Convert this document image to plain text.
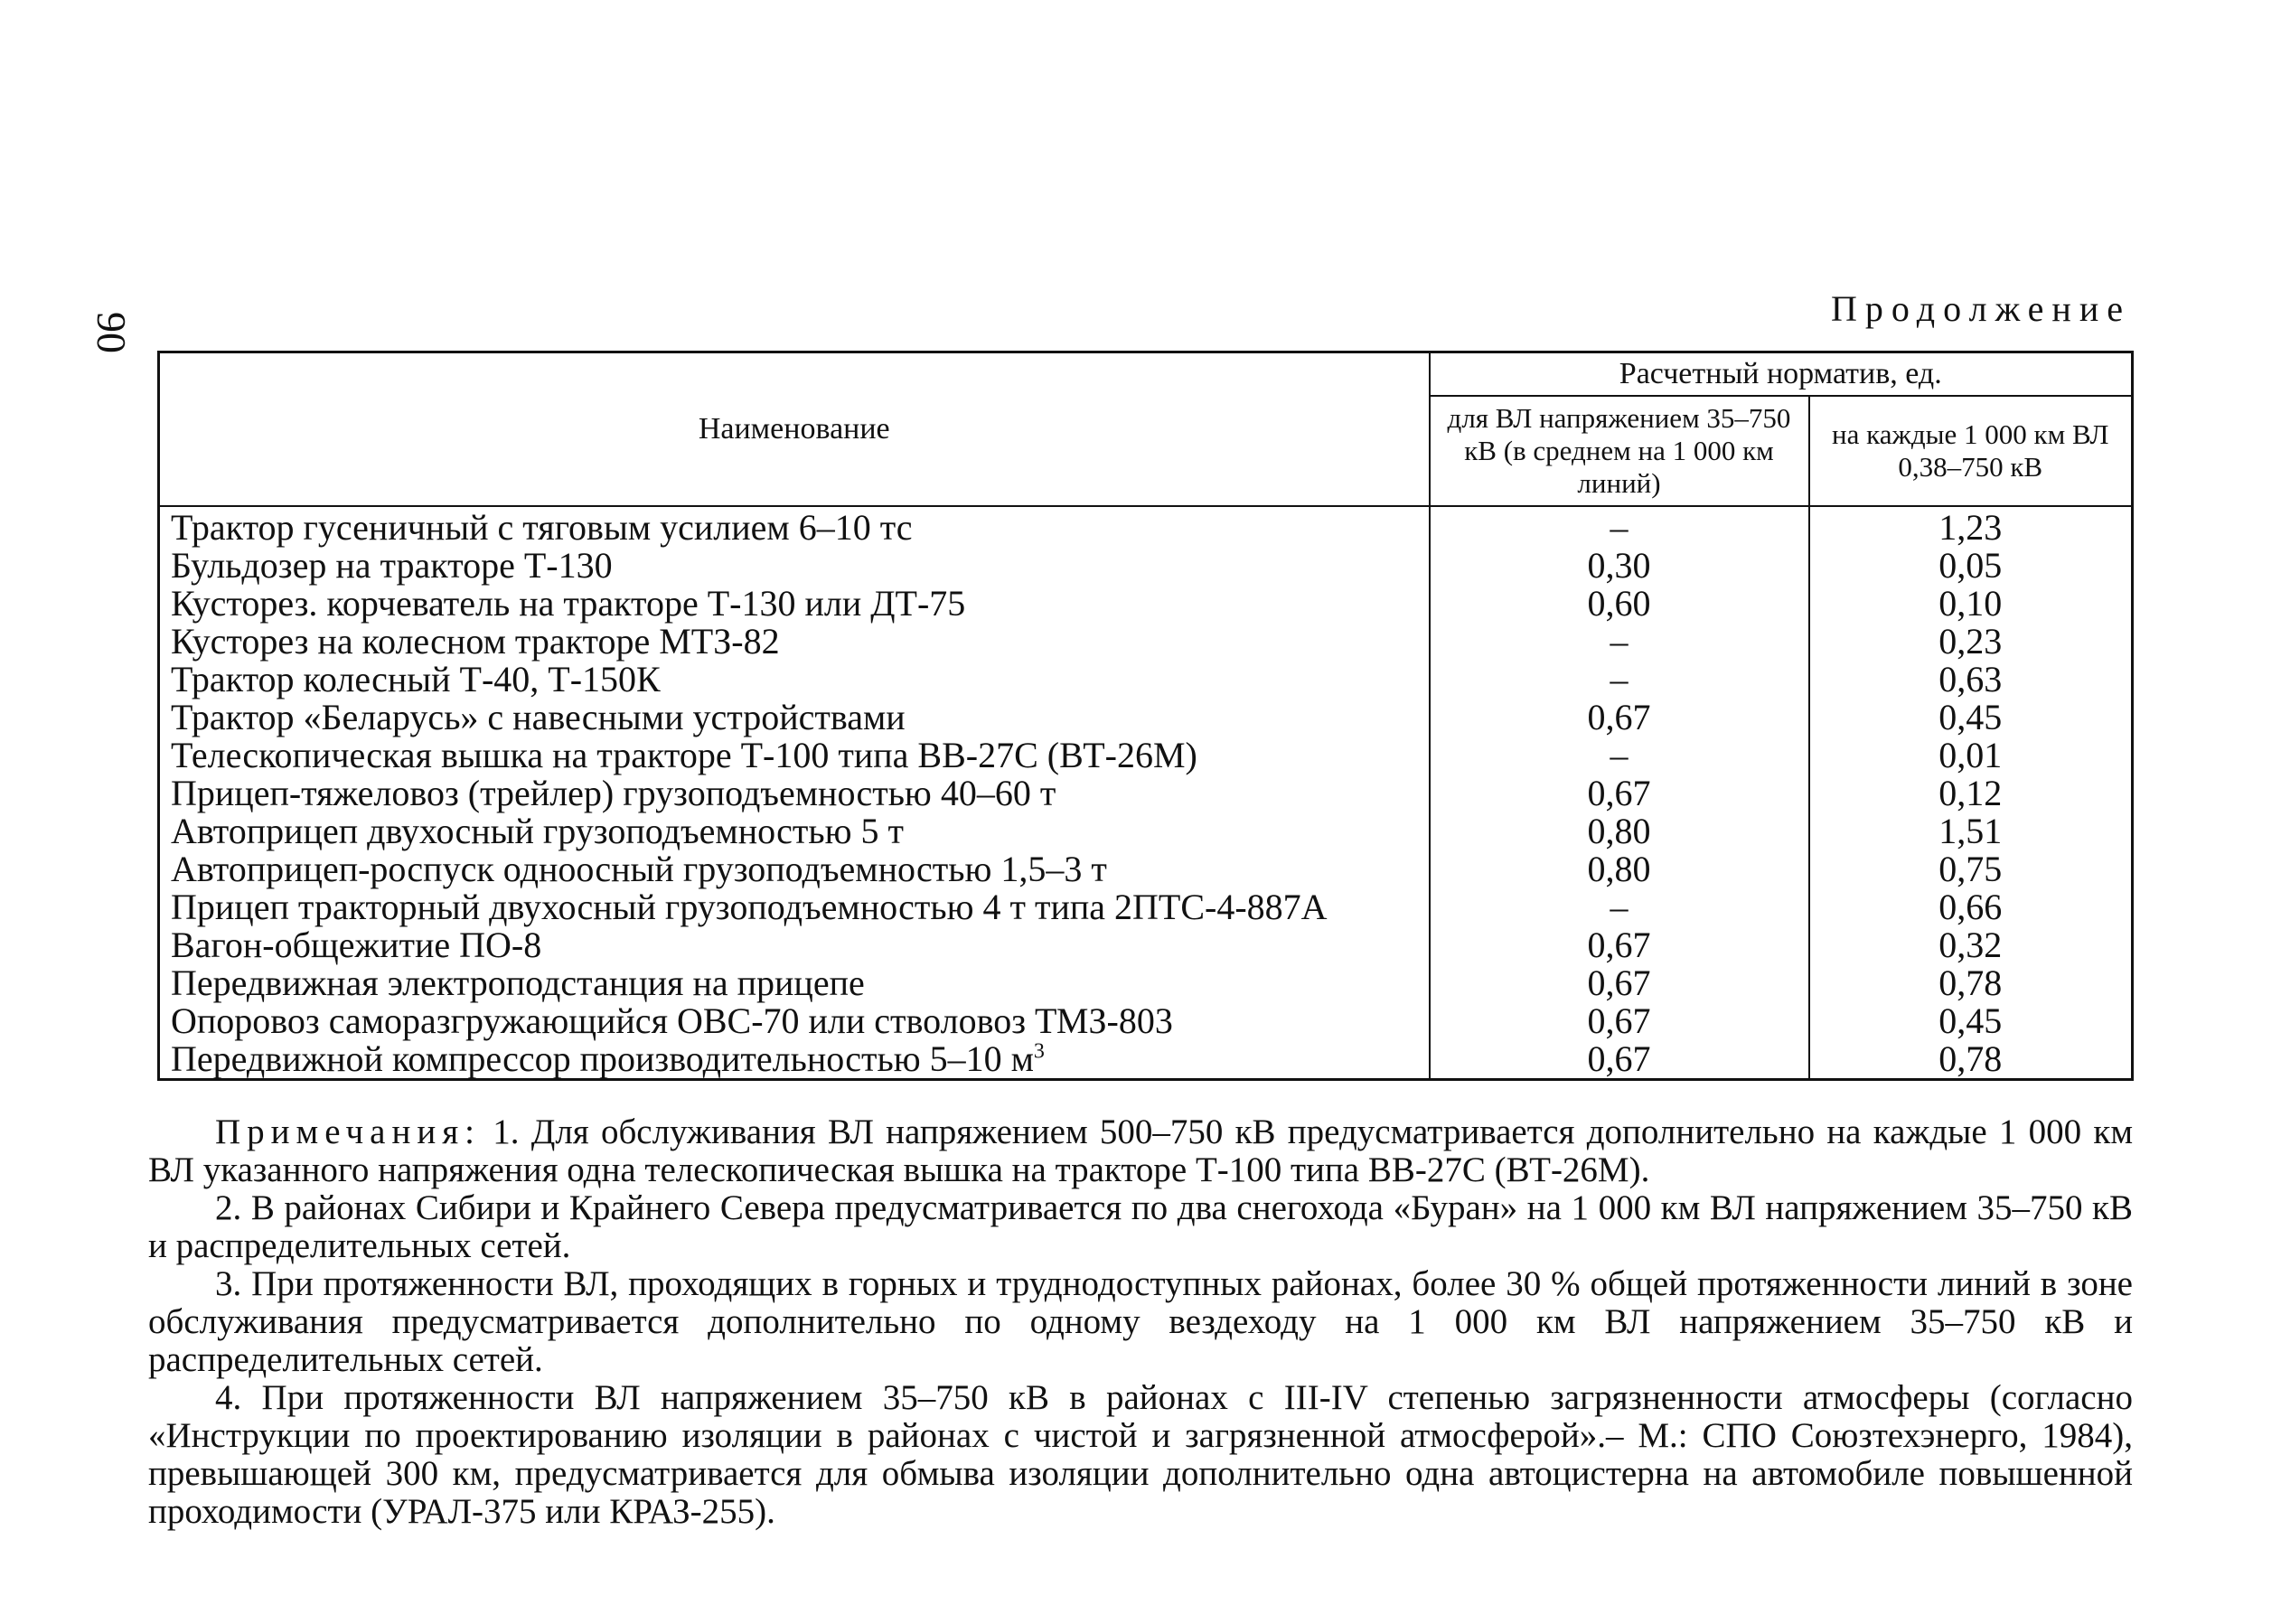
90
Продолжение
Наименование	Расчетный норматив, ед.	
	для ВЛ напряжением 35–750 кВ (в среднем на 1 000 км линий)	на каждые 1 000 км ВЛ 0,38–750 кВ
Трактор гусеничный с тяговым усилием 6–10 тс	–	1,23
Бульдозер на тракторе Т-130	0,30	0,05
Кусторез. корчеватель на тракторе Т-130 или ДТ-75	0,60	0,10
Кусторез на колесном тракторе МТЗ-82	–	0,23
Трактор колесный Т-40, Т-150К	–	0,63
Трактор «Беларусь» с навесными устройствами	0,67	0,45
Телескопическая вышка на тракторе Т-100 типа ВВ-27С (ВТ-26М)	–	0,01
Прицеп-тяжеловоз (трейлер) грузоподъемностью 40–60 т	0,67	0,12
Автоприцеп двухосный грузоподъемностью 5 т	0,80	1,51
Автоприцеп-роспуск одноосный грузоподъемностью 1,5–3 т	0,80	0,75
Прицеп тракторный двухосный грузоподъемностью 4 т типа 2ПТС-4-887А	–	0,66
Вагон-общежитие ПО-8	0,67	0,32
Передвижная электроподстанция на прицепе	0,67	0,78
Опоровоз саморазгружающийся ОВС-70 или стволовоз ТМЗ-803	0,67	0,45
Передвижной компрессор производительностью 5–10 $м^3$	0,67	0,78

Примечания: 1. Для обслуживания ВЛ напряжением 500–750 кВ предусматривается дополнительно на каждые 1 000 км ВЛ указанного напряжения одна телескопическая вышка на тракторе Т-100 типа ВВ-27С (ВТ-26М).

2. В районах Сибири и Крайнего Севера предусматривается по два снегохода «Буран» на 1 000 км ВЛ напряжением 35–750 кВ и распределительных сетей.

3. При протяженности ВЛ, проходящих в горных и труднодоступных районах, более 30 % общей протяженности линий в зоне обслуживания предусматривается дополнительно по одному вездеходу на 1 000 км ВЛ напряжением 35–750 кВ и распределительных сетей.

4. При протяженности ВЛ напряжением 35–750 кВ в районах с III-IV степенью загрязненности атмосферы (согласно «Инструкции по проектированию изоляции в районах с чистой и загрязненной атмосферой».– М.: СПО Союзтехэнерго, 1984), превышающей 300 км, предусматривается для обмыва изоляции дополнительно одна автоцистерна на автомобиле повышенной проходимости (УРАЛ-375 или КРАЗ-255).
